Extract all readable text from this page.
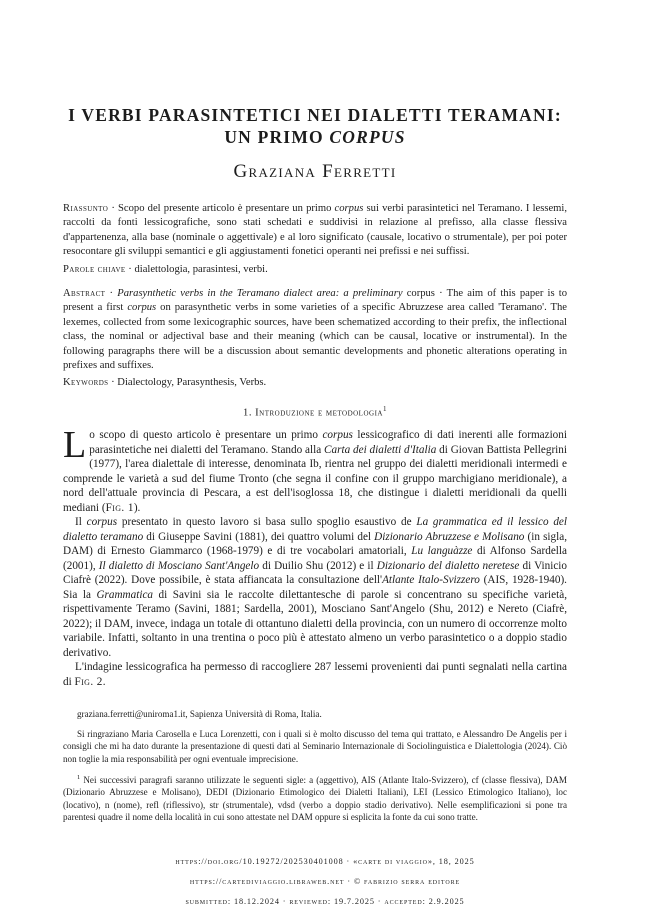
I VERBI PARASINTETICI NEI DIALETTI TERAMANI:
UN PRIMO CORPUS
Graziana Ferretti

Riassunto · Scopo del presente articolo è presentare un primo corpus sui verbi parasintetici nel Teramano. I lessemi, raccolti da fonti lessicografiche, sono stati schedati e suddivisi in relazione al prefisso, alla classe flessiva d'appartenenza, alla base (nominale o aggettivale) e al loro significato (causale, locativo o strumentale), per poi poter resocontare gli sviluppi semantici e gli aggiustamenti fonetici operanti nei prefissi e nei suffissi.

Parole chiave · dialettologia, parasintesi, verbi.

Abstract · Parasynthetic verbs in the Teramano dialect area: a preliminary corpus · The aim of this paper is to present a first corpus on parasynthetic verbs in some varieties of a specific Abruzzese area called 'Teramano'. The lexemes, collected from some lexicographic sources, have been schematized according to their prefix, the inflectional class, the nominal or adjectival base and their meaning (which can be causal, locative or instrumental). In the following paragraphs there will be a discussion about semantic developments and phonetic alterations operating in prefixes and suffixes.

Keywords · Dialectology, Parasynthesis, Verbs.

1. Introduzione e metodologia$^1$

Lo scopo di questo articolo è presentare un primo corpus lessicografico di dati inerenti alle formazioni parasintetiche nei dialetti del Teramano. Stando alla Carta dei dialetti d'Italia di Giovan Battista Pellegrini (1977), l'area dialettale di interesse, denominata Ib, rientra nel gruppo dei dialetti meridionali intermedi e comprende le varietà a sud del fiume Tronto (che segna il confine con il gruppo marchigiano meridionale), a nord dell'attuale provincia di Pescara, a est dell'isoglossa 18, che distingue i dialetti meridionali da quelli mediani (Fig. 1).

Il corpus presentato in questo lavoro si basa sullo spoglio esaustivo de La grammatica ed il lessico del dialetto teramano di Giuseppe Savini (1881), dei quattro volumi del Dizionario Abruzzese e Molisano (in sigla, DAM) di Ernesto Giammarco (1968-1979) e di tre vocabolari amatoriali, Lu languàzze di Alfonso Sardella (2001), Il dialetto di Mosciano Sant'Angelo di Duilio Shu (2012) e il Dizionario del dialetto neretese di Vinicio Ciafrè (2022). Dove possibile, è stata affiancata la consultazione dell'Atlante Italo-Svizzero (AIS, 1928-1940). Sia la Grammatica di Savini sia le raccolte dilettantesche di parole si concentrano su specifiche varietà, rispettivamente Teramo (Savini, 1881; Sardella, 2001), Mosciano Sant'Angelo (Shu, 2012) e Nereto (Ciafrè, 2022); il DAM, invece, indaga un totale di ottantuno dialetti della provincia, con un numero di occorrenze molto variabile. Infatti, soltanto in una trentina o poco più è attestato almeno un verbo parasintetico o a doppio stadio derivativo.

L'indagine lessicografica ha permesso di raccogliere 287 lessemi provenienti dai punti segnalati nella cartina di Fig. 2.

graziana.ferretti@uniroma1.it, Sapienza Università di Roma, Italia.

Si ringraziano Maria Carosella e Luca Lorenzetti, con i quali si è molto discusso del tema qui trattato, e Alessandro De Angelis per i consigli che mi ha dato durante la presentazione di questi dati al Seminario Internazionale di Sociolinguistica e Dialettologia (2024). Ciò non toglie la mia responsabilità per ogni eventuale imprecisione.

$^1$ Nei successivi paragrafi saranno utilizzate le seguenti sigle: a (aggettivo), AIS (Atlante Italo-Svizzero), cf (classe flessiva), DAM (Dizionario Abruzzese e Molisano), DEDI (Dizionario Etimologico dei Dialetti Italiani), LEI (Lessico Etimologico Italiano), loc (locativo), n (nome), refl (riflessivo), str (strumentale), vdsd (verbo a doppio stadio derivativo). Nelle esemplificazioni si pone tra parentesi quadre il nome della località in cui sono attestate nel DAM oppure si esplicita la fonte da cui sono tratte.

https://doi.org/10.19272/202530401008 · «carte di viaggio», 18, 2025
https://cartediviaggio.libraweb.net · © fabrizio serra editore
submitted: 18.12.2024 · reviewed: 19.7.2025 · accepted: 2.9.2025
